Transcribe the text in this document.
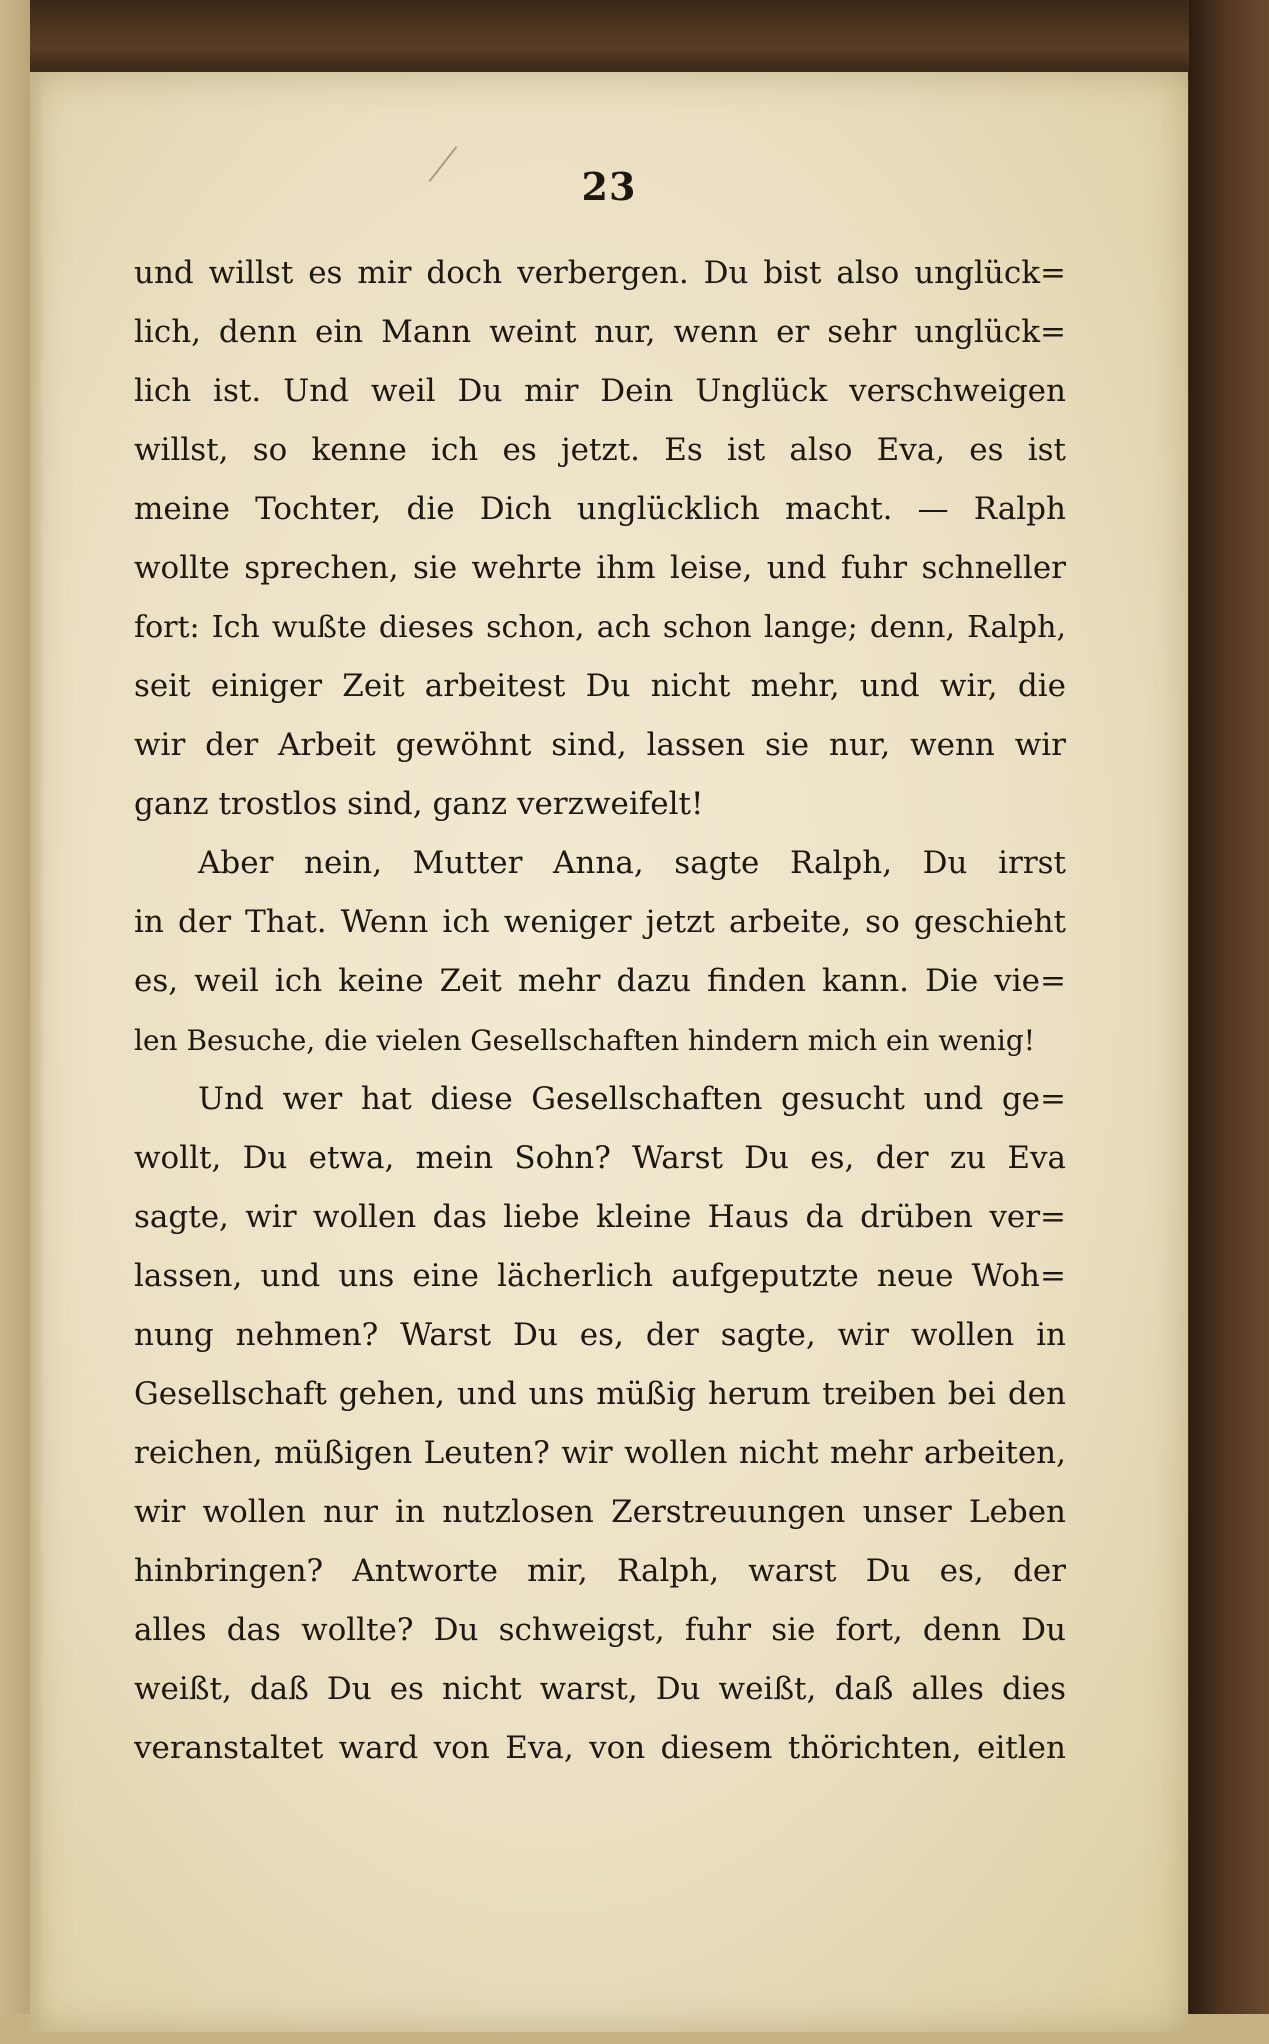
23
und willst es mir doch verbergen. Du bist also unglück=
lich, denn ein Mann weint nur, wenn er sehr unglück=
lich ist. Und weil Du mir Dein Unglück verschweigen
willst, so kenne ich es jetzt. Es ist also Eva, es ist
meine Tochter, die Dich unglücklich macht. — Ralph
wollte sprechen, sie wehrte ihm leise, und fuhr schneller
fort: Ich wußte dieses schon, ach schon lange; denn, Ralph,
seit einiger Zeit arbeitest Du nicht mehr, und wir, die
wir der Arbeit gewöhnt sind, lassen sie nur, wenn wir
ganz trostlos sind, ganz verzweifelt!
Aber nein, Mutter Anna, sagte Ralph, Du irrst
in der That. Wenn ich weniger jetzt arbeite, so geschieht
es, weil ich keine Zeit mehr dazu finden kann. Die vie=
len Besuche, die vielen Gesellschaften hindern mich ein wenig!
Und wer hat diese Gesellschaften gesucht und ge=
wollt, Du etwa, mein Sohn? Warst Du es, der zu Eva
sagte, wir wollen das liebe kleine Haus da drüben ver=
lassen, und uns eine lächerlich aufgeputzte neue Woh=
nung nehmen? Warst Du es, der sagte, wir wollen in
Gesellschaft gehen, und uns müßig herum treiben bei den
reichen, müßigen Leuten? wir wollen nicht mehr arbeiten,
wir wollen nur in nutzlosen Zerstreuungen unser Leben
hinbringen? Antworte mir, Ralph, warst Du es, der
alles das wollte? Du schweigst, fuhr sie fort, denn Du
weißt, daß Du es nicht warst, Du weißt, daß alles dies
veranstaltet ward von Eva, von diesem thörichten, eitlen
